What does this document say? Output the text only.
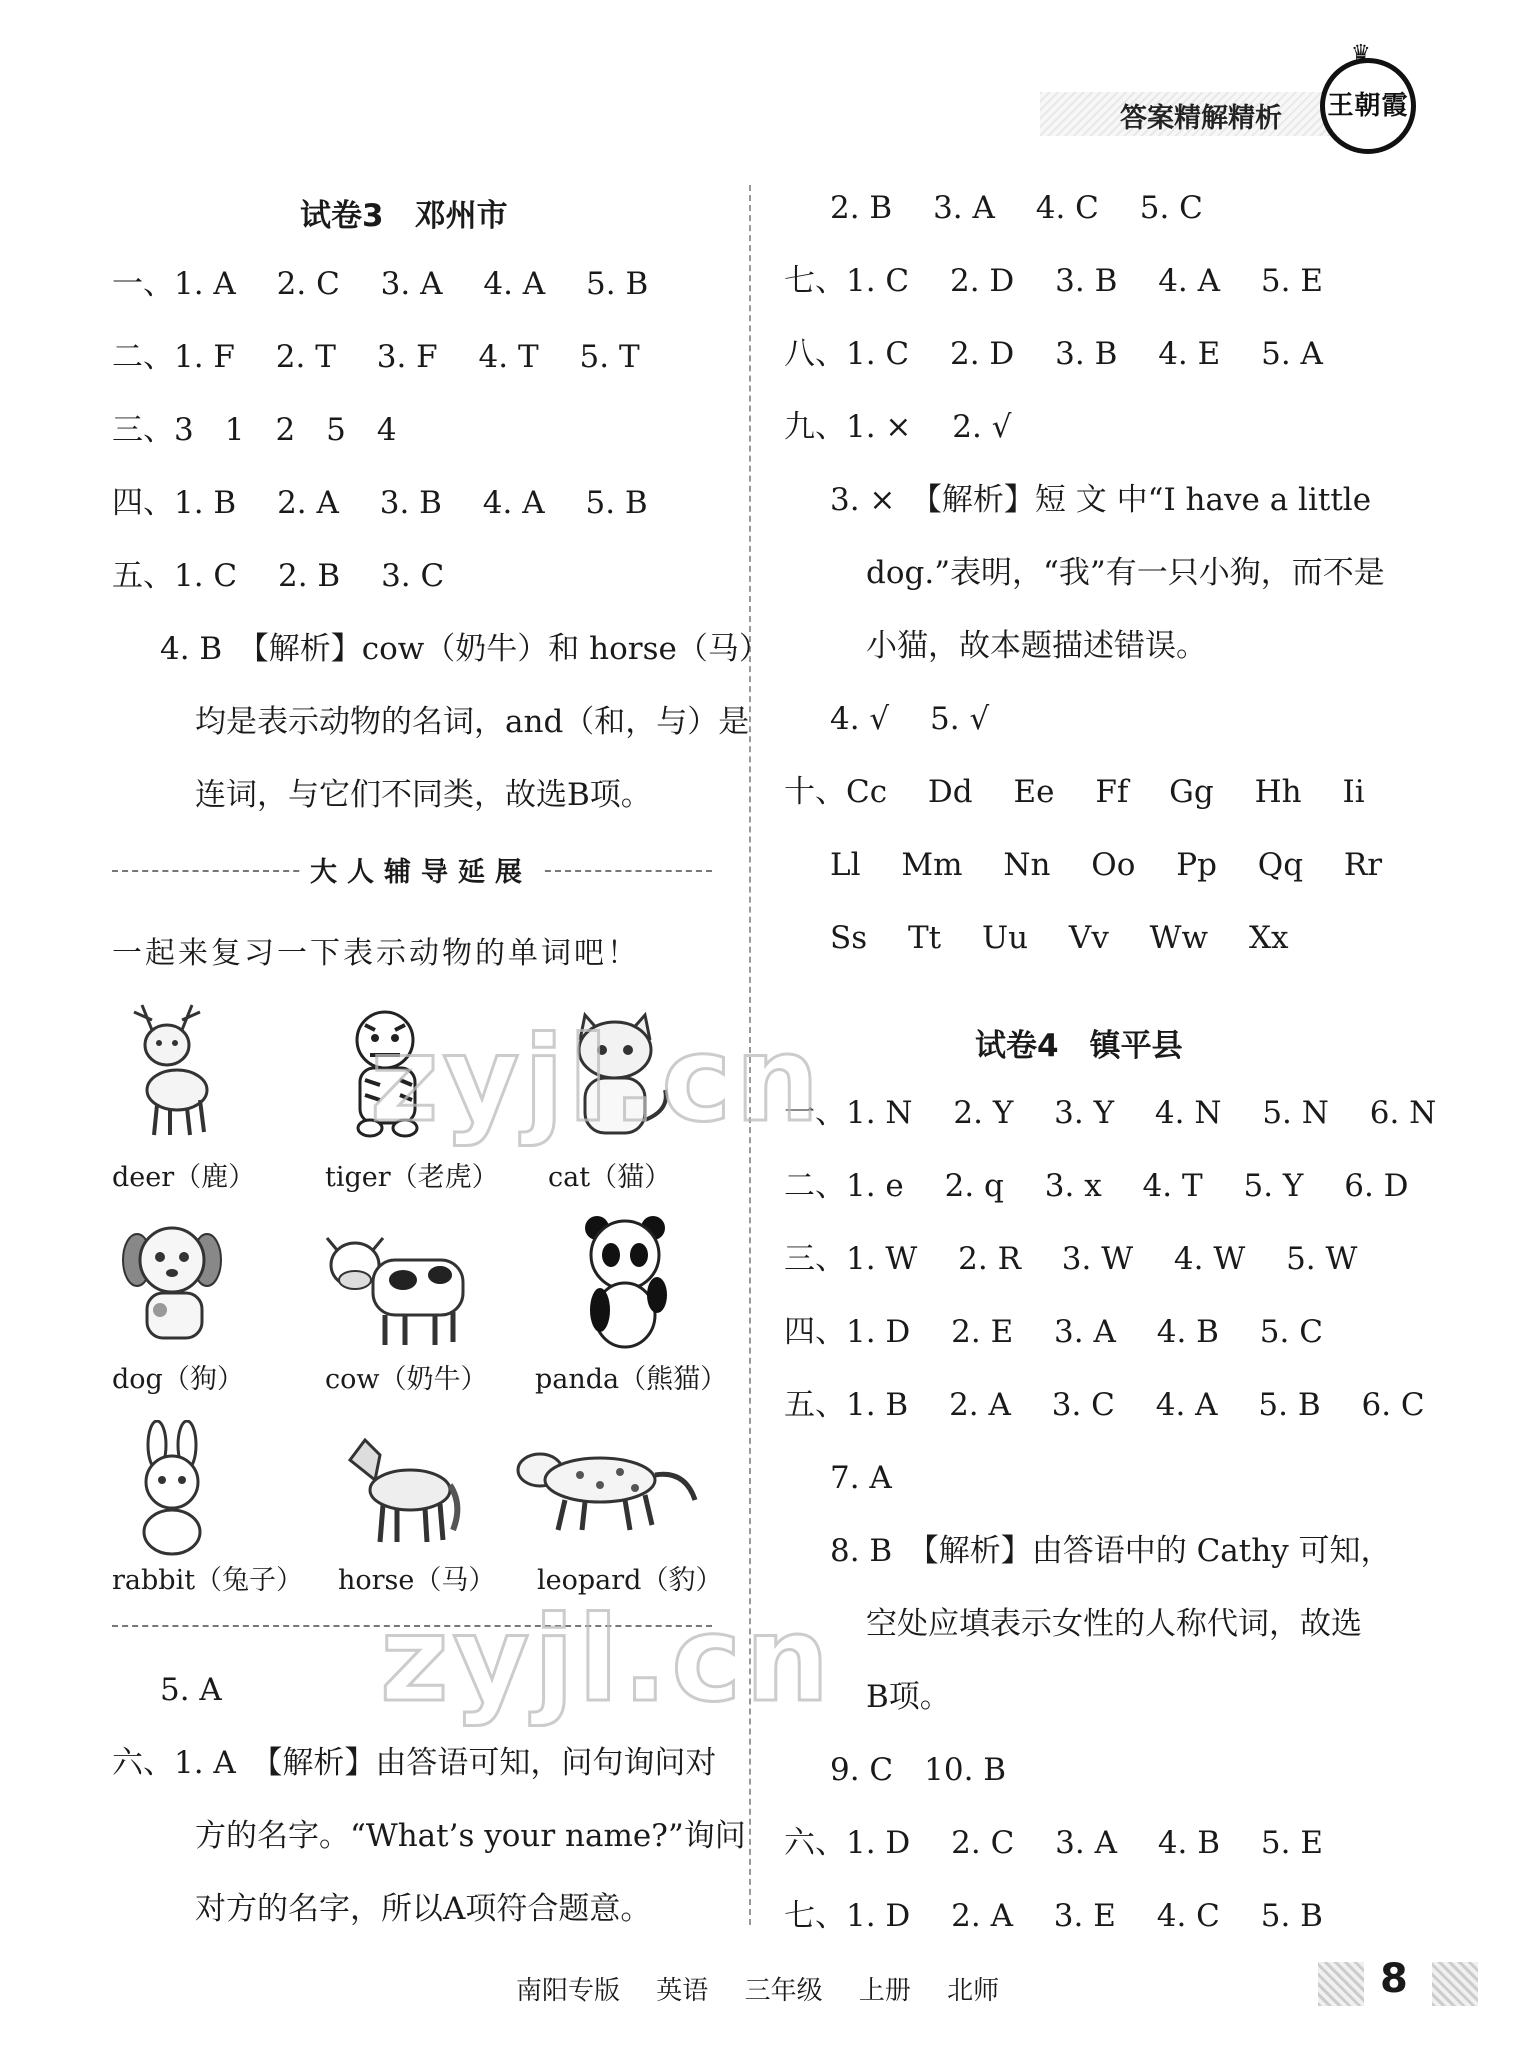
答案精解精析
♛
王朝霞
试卷3　邓州市
一、1. A　 2. C　 3. A　 4. A　 5. B
二、1. F　 2. T　 3. F　 4. T　 5. T
三、3　1　2　5　4
四、1. B　 2. A　 3. B　 4. A　 5. B
五、1. C　 2. B　 3. C
4. B　【解析】cow（奶牛）和 horse（马）
均是表示动物的名词，and（和，与）是
连词，与它们不同类，故选B项。
大人辅导延展
一起来复习一下表示动物的单词吧！
deer（鹿）	tiger（老虎） cat（猫）
dog（狗）	cow（奶牛） panda（熊猫）
rabbit（兔子） horse（马） leopard（豹）
5. A
六、1. A　【解析】由答语可知，问句询问对
方的名字。“What’s your name?”询问
对方的名字，所以A项符合题意。
2. B　 3. A　 4. C　 5. C
七、1. C　 2. D　 3. B　 4. A　 5. E
八、1. C　 2. D　 3. B　 4. E　 5. A
九、1. ×　 2. √
3. ×　【解析】短 文 中“I have a little
dog.”表明，“我”有一只小狗，而不是
小猫，故本题描述错误。
4. √　 5. √
十、Cc　 Dd　 Ee　 Ff　 Gg　 Hh　 Ii
Ll　 Mm　 Nn　 Oo　 Pp　 Qq　 Rr
Ss　 Tt　 Uu　 Vv　 Ww　 Xx
试卷4　镇平县
一、1. N　 2. Y　 3. Y　 4. N　 5. N　 6. N
二、1. e　 2. q　 3. x　 4. T　 5. Y　 6. D
三、1. W　 2. R　 3. W　 4. W　 5. W
四、1. D　 2. E　 3. A　 4. B　 5. C
五、1. B　 2. A　 3. C　 4. A　 5. B　 6. C
7. A
8. B　【解析】由答语中的 Cathy 可知，
空处应填表示女性的人称代词，故选
B项。
9. C　10. B
六、1. D　 2. C　 3. A　 4. B　 5. E
七、1. D　 2. A　 3. E　 4. C　 5. B
zyjl.cn
zyjl.cn
南阳专版 英语 三年级 上册 北师	8
